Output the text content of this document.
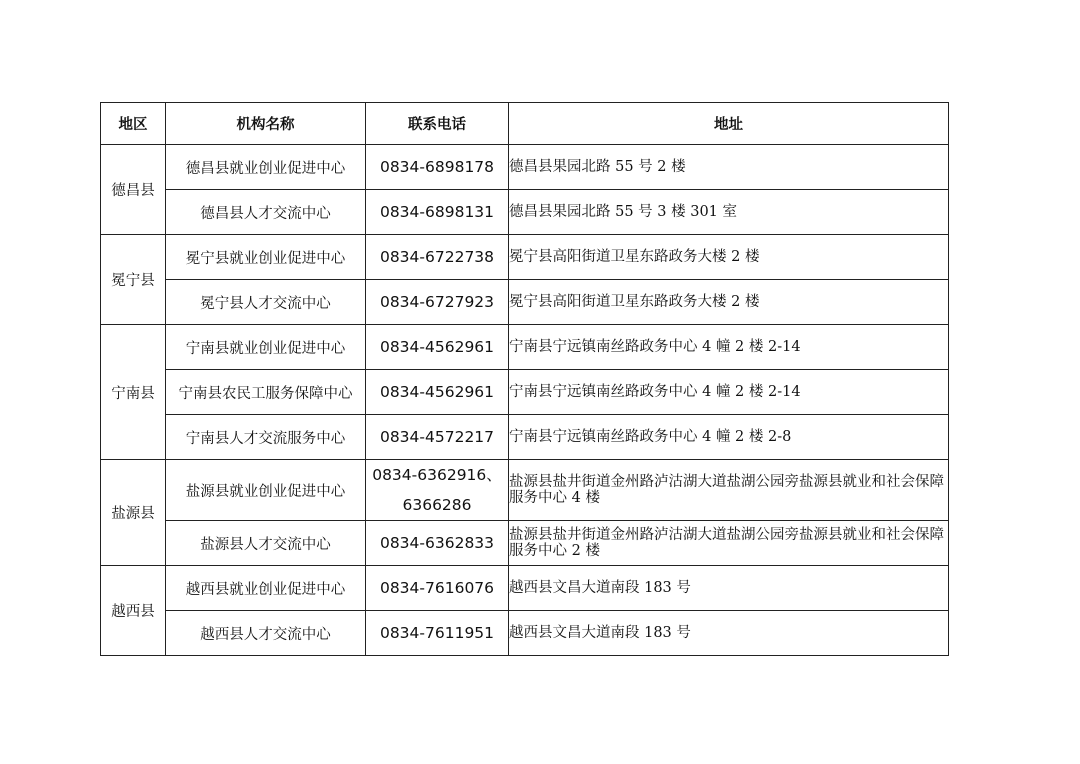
地区	机构名称	联系电话	地址
德昌县	德昌县就业创业促进中心	0834-6898178	德昌县果园北路 55 号 2 楼
	德昌县人才交流中心	0834-6898131	德昌县果园北路 55 号 3 楼 301 室
冕宁县	冕宁县就业创业促进中心	0834-6722738	冕宁县高阳街道卫星东路政务大楼 2 楼
	冕宁县人才交流中心	0834-6727923	冕宁县高阳街道卫星东路政务大楼 2 楼
宁南县	宁南县就业创业促进中心	0834-4562961	宁南县宁远镇南丝路政务中心 4 幢 2 楼 2-14
	宁南县农民工服务保障中心	0834-4562961	宁南县宁远镇南丝路政务中心 4 幢 2 楼 2-14
	宁南县人才交流服务中心	0834-4572217	宁南县宁远镇南丝路政务中心 4 幢 2 楼 2-8
盐源县	盐源县就业创业促进中心	0834-6362916、6366286	盐源县盐井街道金州路泸沽湖大道盐湖公园旁盐源县就业和社会保障服务中心 4 楼
	盐源县人才交流中心	0834-6362833	盐源县盐井街道金州路泸沽湖大道盐湖公园旁盐源县就业和社会保障服务中心 2 楼
越西县	越西县就业创业促进中心	0834-7616076	越西县文昌大道南段 183 号
	越西县人才交流中心	0834-7611951	越西县文昌大道南段 183 号
